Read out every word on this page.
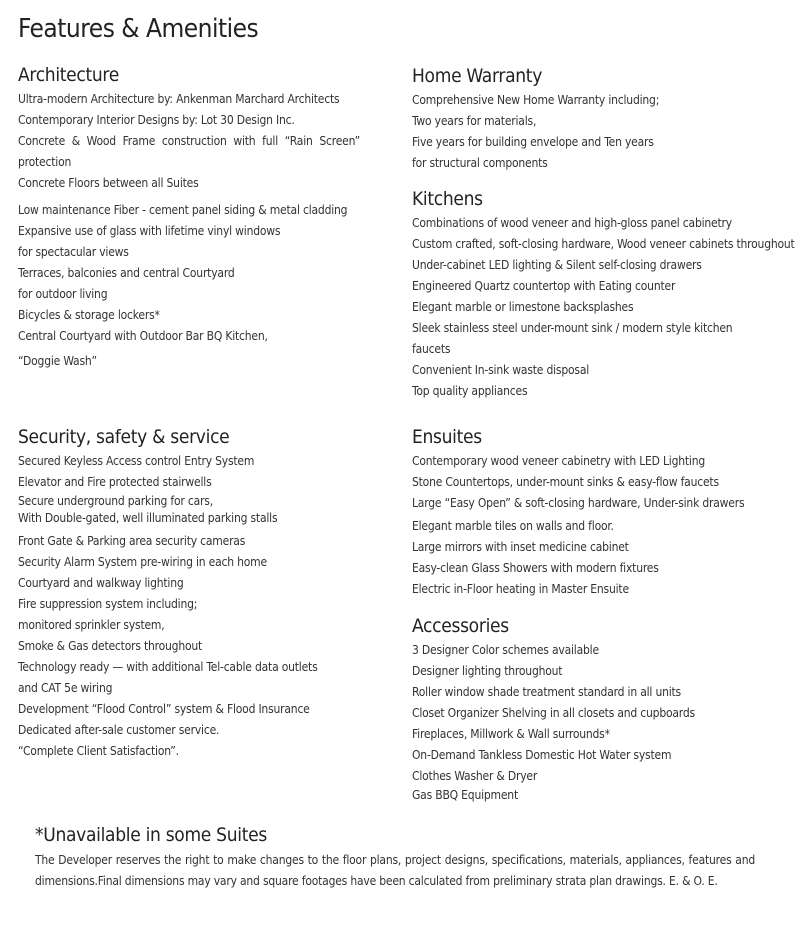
Features & Amenities
Architecture
Ultra-modern Architecture by: Ankenman Marchard Architects
Contemporary Interior Designs by: Lot 30 Design Inc.
Concrete & Wood Frame construction with full “Rain Screen” protection
Concrete Floors between all Suites
Low maintenance Fiber - cement panel siding & metal cladding
Expansive use of glass with lifetime vinyl windows
for spectacular views
Terraces, balconies and central Courtyard
for outdoor living
Bicycles & storage lockers*
Central Courtyard with Outdoor Bar BQ Kitchen,
“Doggie Wash”
Home Warranty
Comprehensive New Home Warranty including;
Two years for materials,
Five years for building envelope and Ten years
for structural components
Kitchens
Combinations of wood veneer and high-gloss panel cabinetry
Custom crafted, soft-closing hardware, Wood veneer cabinets throughout
Under-cabinet LED lighting & Silent self-closing drawers
Engineered Quartz countertop with Eating counter
Elegant marble or limestone backsplashes
Sleek stainless steel under-mount sink / modern style kitchen
faucets
Convenient In-sink waste disposal
Top quality appliances
Security, safety & service
Secured Keyless Access control Entry System
Elevator and Fire protected stairwells
Secure underground parking for cars,
With Double-gated, well illuminated parking stalls
Front Gate & Parking area security cameras
Security Alarm System pre-wiring in each home
Courtyard and walkway lighting
Fire suppression system including;
monitored sprinkler system,
Smoke & Gas detectors throughout
Technology ready — with additional Tel-cable data outlets
and CAT 5e wiring
Development “Flood Control” system & Flood Insurance
Dedicated after-sale customer service.
“Complete Client Satisfaction”.
Ensuites
Contemporary wood veneer cabinetry with LED Lighting
Stone Countertops, under-mount sinks & easy-flow faucets
Large “Easy Open” & soft-closing hardware, Under-sink drawers
Elegant marble tiles on walls and floor.
Large mirrors with inset medicine cabinet
Easy-clean Glass Showers with modern fixtures
Electric in-Floor heating in Master Ensuite
Accessories
3 Designer Color schemes available
Designer lighting throughout
Roller window shade treatment standard in all units
Closet Organizer Shelving in all closets and cupboards
Fireplaces, Millwork & Wall surrounds*
On-Demand Tankless Domestic Hot Water system
Clothes Washer & Dryer
Gas BBQ Equipment
*Unavailable in some Suites
The Developer reserves the right to make changes to the floor plans, project designs, specifications, materials, appliances, features and dimensions.Final dimensions may vary and square footages have been calculated from preliminary strata plan drawings. E. & O. E.
